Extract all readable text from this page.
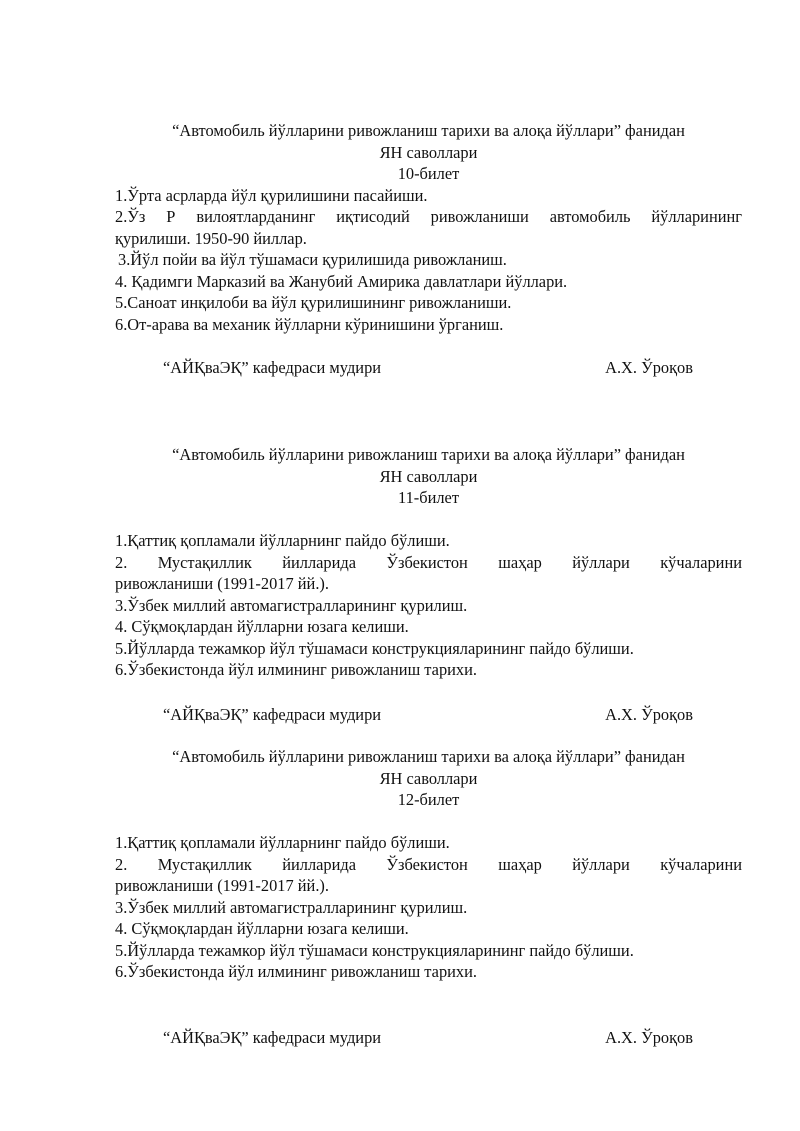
“Автомобиль йўлларини ривожланиш тарихи ва алоқа йўллари” фанидан
ЯН саволлари
10-билет

1.Ўрта асрларда йўл қурилишини пасайиши.

2.Ўз Р вилоятларданинг иқтисодий ривожланиши автомобиль йўлларининг

қурилиши. 1950-90 йиллар.

3.Йўл пойи ва йўл тўшамаси қурилишида ривожланиш.

4. Қадимги Марказий ва Жанубий Амирика давлатлари йўллари.

5.Саноат инқилоби ва йўл қурилишининг ривожланиши.

6.От-арава ва механик йўлларни кўринишини ўрганиш.

“АЙҚваЭҚ” кафедраси мудири	А.Х. Ўроқов
“Автомобиль йўлларини ривожланиш тарихи ва алоқа йўллари” фанидан
ЯН саволлари
11-билет

1.Қаттиқ қопламали йўлларнинг пайдо бўлиши.

2. Мустақиллик йилларида Ўзбекистон шаҳар йўллари кўчаларини

ривожланиши (1991-2017 йй.).

3.Ўзбек миллий автомагистралларининг қурилиш.

4. Сўқмоқлардан йўлларни юзага келиши.

5.Йўлларда тежамкор йўл тўшамаси конструкцияларининг пайдо бўлиши.

6.Ўзбекистонда йўл илмининг ривожланиш тарихи.

“АЙҚваЭҚ” кафедраси мудири	А.Х. Ўроқов
“Автомобиль йўлларини ривожланиш тарихи ва алоқа йўллари” фанидан
ЯН саволлари
12-билет

1.Қаттиқ қопламали йўлларнинг пайдо бўлиши.

2. Мустақиллик йилларида Ўзбекистон шаҳар йўллари кўчаларини

ривожланиши (1991-2017 йй.).

3.Ўзбек миллий автомагистралларининг қурилиш.

4. Сўқмоқлардан йўлларни юзага келиши.

5.Йўлларда тежамкор йўл тўшамаси конструкцияларининг пайдо бўлиши.

6.Ўзбекистонда йўл илмининг ривожланиш тарихи.

“АЙҚваЭҚ” кафедраси мудири	А.Х. Ўроқов
